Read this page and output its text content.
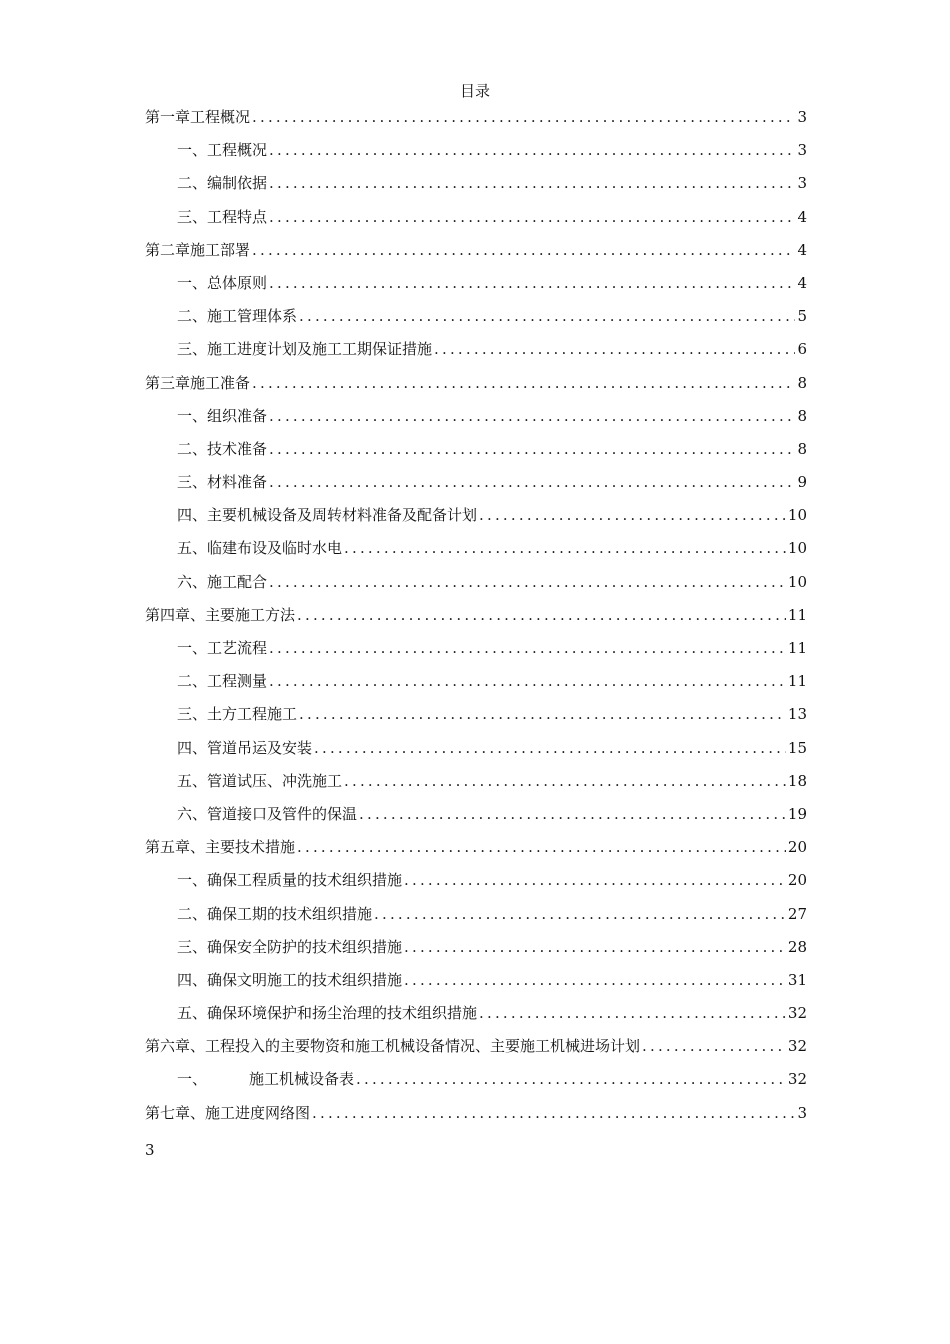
目录
第一章工程概况 .....	3
一、工程概况 .....	3
二、编制依据 .....	3
三、工程特点 .....	4
第二章施工部署 .....	4
一、总体原则 .....	4
二、施工管理体系 .....	5
三、施工进度计划及施工工期保证措施 .....	6
第三章施工准备 .....	8
一、组织准备 .....	8
二、技术准备 .....	8
三、材料准备 .....	9
四、主要机械设备及周转材料准备及配备计划 .....	10
五、临建布设及临时水电 .....	10
六、施工配合 .....	10
第四章、主要施工方法 .....	11
一、工艺流程 .....	11
二、工程测量 .....	11
三、土方工程施工 .....	13
四、管道吊运及安装 .....	15
五、管道试压、冲洗施工 .....	18
六、管道接口及管件的保温 .....	19
第五章、主要技术措施 .....	20
一、确保工程质量的技术组织措施 .....	20
二、确保工期的技术组织措施 .....	27
三、确保安全防护的技术组织措施 .....	28
四、确保文明施工的技术组织措施 .....	31
五、确保环境保护和扬尘治理的技术组织措施 .....	32
第六章、工程投入的主要物资和施工机械设备情况、主要施工机械进场计划 .....	32
一、	施工机械设备表 .....	32
第七章、施工进度网络图 .....	3
3
